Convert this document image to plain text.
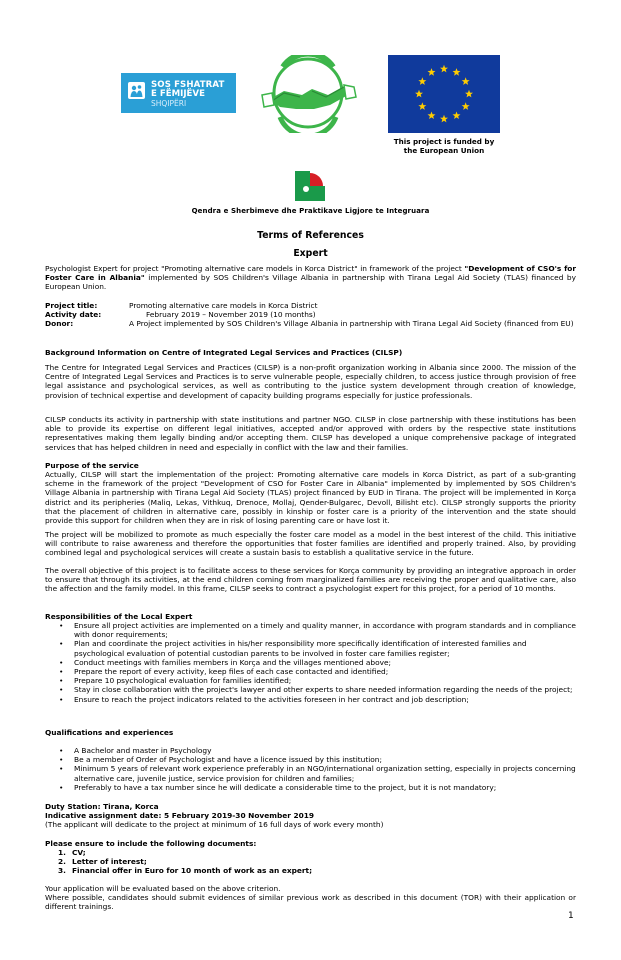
SOS FSHATRAT
E FËMIJËVE
SHQIPËRI
This project is funded by
the European Union
Qendra e Sherbimeve dhe Praktikave Ligjore te Integruara
Terms of References
Expert
Psychologist Expert for project "Promoting alternative care models in Korca District" in framework of the project "Development of CSO's for Foster Care in Albania" implemented by SOS Children's Village Albania in partnership with Tirana Legal Aid Society (TLAS) financed by European Union.
Project title:	Promoting alternative care models in Korca District
Activity date:	February 2019 – November 2019 (10 months)
Donor:	A Project implemented by SOS Children's Village Albania in partnership with Tirana Legal Aid Society (financed from EU)
Background Information on Centre of Integrated Legal Services and Practices (CILSP)
The Centre for Integrated Legal Services and Practices (CILSP) is a non-profit organization working in Albania since 2000. The mission of the Centre of Integrated Legal Services and Practices is to serve vulnerable people, especially children, to access justice through provision of free legal assistance and psychological services, as well as contributing to the justice system development through creation of knowledge, provision of technical expertise and development of capacity building programs especially for justice professionals.
CILSP conducts its activity in partnership with state institutions and partner NGO. CILSP in close partnership with these institutions has been able to provide its expertise on different legal initiatives, accepted and/or approved with orders by the respective state institutions representatives making them legally binding and/or accepting them. CILSP has developed a unique comprehensive package of integrated services that has helped children in need and especially in conflict with the law and their families.
Purpose of the service
Actually, CILSP will start the implementation of the project: Promoting alternative care models in Korca District, as part of a sub-granting scheme in the framework of the project "Development of CSO for Foster Care in Albania" implemented by implemented by SOS Children's Village Albania in partnership with Tirana Legal Aid Society (TLAS) project financed by EUD in Tirana. The project will be implemented in Korça district and its peripheries (Maliq, Lekas, Vithkuq, Drenoce, Mollaj, Qender-Bulgarec, Devoll, Bilisht etc). CILSP strongly supports the priority that the placement of children in alternative care, possibly in kinship or foster care is a priority of the intervention and the state should provide this support for children when they are in risk of losing parenting care or have lost it.
The project will be mobilized to promote as much especially the foster care model as a model in the best interest of the child. This initiative will contribute to raise awareness and therefore the opportunities that foster families are identified and properly trained. Also, by providing combined legal and psychological services will create a sustain basis to establish a qualitative service in the future.
The overall objective of this project is to facilitate access to these services for Korça community by providing an integrative approach in order to ensure that through its activities, at the end children coming from marginalized families are receiving the proper and qualitative care, also the affection and the family model. In this frame, CILSP seeks to contract a psychologist expert for this project, for a period of 10 months.
Responsibilities of the Local Expert
• Ensure all project activities are implemented on a timely and quality manner, in accordance with program standards and in compliance with donor requirements;
• Plan and coordinate the project activities in his/her responsibility more specifically identification of interested families and psychological evaluation of potential custodian parents to be involved in foster care families register;
• Conduct meetings with families members in Korça and the villages mentioned above;
• Prepare the report of every activity, keep files of each case contacted and identified;
• Prepare 10 psychological evaluation for families identified;
• Stay in close collaboration with the project's lawyer and other experts to share needed information regarding the needs of the project;
• Ensure to reach the project indicators related to the activities foreseen in her contract and job description;
Qualifications and experiences
• A Bachelor and master in Psychology
• Be a member of Order of Psychologist and have a licence issued by this institution;
• Minimum 5 years of relevant work experience preferably in an NGO/international organization setting, especially in projects concerning alternative care, juvenile justice, service provision for children and families;
• Preferably to have a tax number since he will dedicate a considerable time to the project, but it is not mandatory;
Duty Station: Tirana, Korca
Indicative assignment date: 5 February 2019-30 November 2019
(The applicant will dedicate to the project at minimum of 16 full days of work every month)
Please ensure to include the following documents:
1. CV;
2. Letter of interest;
3. Financial offer in Euro for 10 month of work as an expert;
Your application will be evaluated based on the above criterion.
Where possible, candidates should submit evidences of similar previous work as described in this document (TOR) with their application or different trainings.
1
